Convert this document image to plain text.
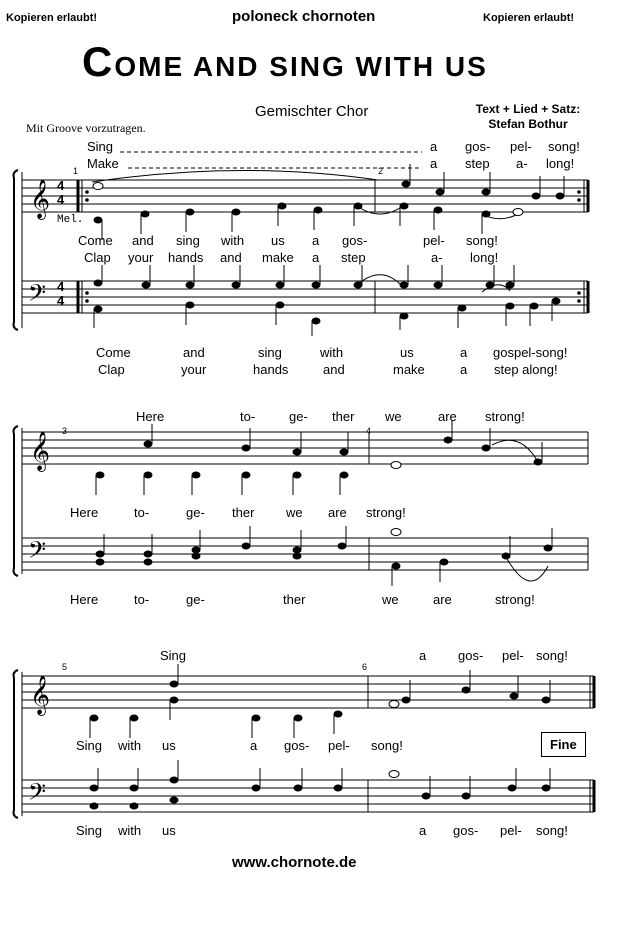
Kopieren erlaubt!	poloneck chornoten	Kopieren erlaubt!
COME AND SING WITH US
Gemischter Chor	Text + Lied + Satz:
Stefan Bothur
Mit Groove vorzutragen.
𝄞
𝄢
𝄞
𝄢
𝄞
𝄢
1	2
4
4
4
4
Mel.
Sing	a gos- pel- song!
Make	a step a- long!
Come and sing with us a gos-	pel- song!
Clap your hands and make a step	a- long!
Come	and	sing	with	us	a gospel-song!
Clap	your	hands	and	make	a step along!
3	4
Here	to-	ge- ther we	are strong!
Here	to-	ge- ther we are strong!
Here	to-	ge-	ther	we	are	strong!
5	6
Sing	a gos- pel- song!
Sing with us	a gos- pel- song!	Fine
Sing with us	a gos- pel- song!
www.chornote.de
